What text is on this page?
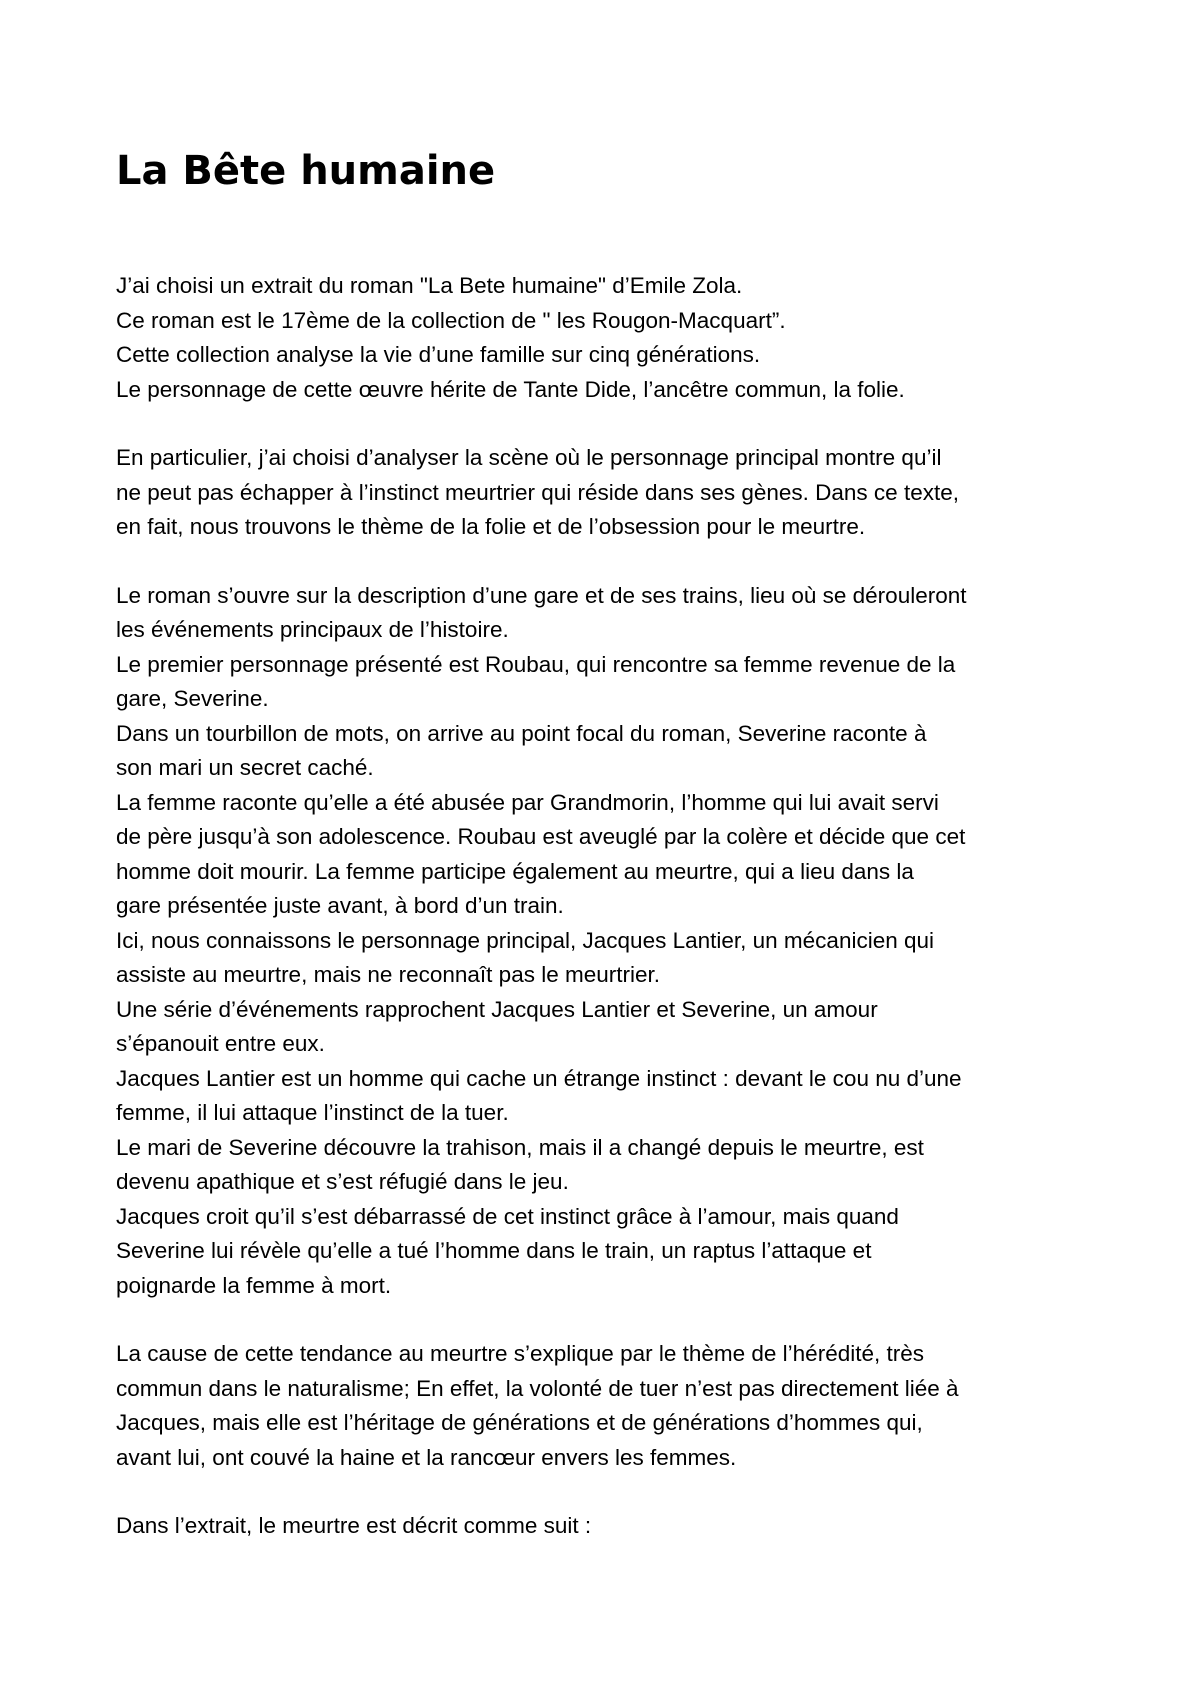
La Bête humaine
J’ai choisi un extrait du roman "La Bete humaine" d’Emile Zola.
Ce roman est le 17ème de la collection de " les Rougon-Macquart”.
Cette collection analyse la vie d’une famille sur cinq générations.
Le personnage de cette œuvre hérite de Tante Dide, l’ancêtre commun, la folie.
En particulier, j’ai choisi d’analyser la scène où le personnage principal montre qu’il
ne peut pas échapper à l’instinct meurtrier qui réside dans ses gènes. Dans ce texte,
en fait, nous trouvons le thème de la folie et de l’obsession pour le meurtre.
Le roman s’ouvre sur la description d’une gare et de ses trains, lieu où se dérouleront
les événements principaux de l’histoire.
Le premier personnage présenté est Roubau, qui rencontre sa femme revenue de la
gare, Severine.
Dans un tourbillon de mots, on arrive au point focal du roman, Severine raconte à
son mari un secret caché.
La femme raconte qu’elle a été abusée par Grandmorin, l’homme qui lui avait servi
de père jusqu’à son adolescence. Roubau est aveuglé par la colère et décide que cet
homme doit mourir. La femme participe également au meurtre, qui a lieu dans la
gare présentée juste avant, à bord d’un train.
Ici, nous connaissons le personnage principal, Jacques Lantier, un mécanicien qui
assiste au meurtre, mais ne reconnaît pas le meurtrier.
Une série d’événements rapprochent Jacques Lantier et Severine, un amour
s’épanouit entre eux.
Jacques Lantier est un homme qui cache un étrange instinct : devant le cou nu d’une
femme, il lui attaque l’instinct de la tuer.
Le mari de Severine découvre la trahison, mais il a changé depuis le meurtre, est
devenu apathique et s’est réfugié dans le jeu.
Jacques croit qu’il s’est débarrassé de cet instinct grâce à l’amour, mais quand
Severine lui révèle qu’elle a tué l’homme dans le train, un raptus l’attaque et
poignarde la femme à mort.
La cause de cette tendance au meurtre s’explique par le thème de l’hérédité, très
commun dans le naturalisme; En effet, la volonté de tuer n’est pas directement liée à
Jacques, mais elle est l’héritage de générations et de générations d’hommes qui,
avant lui, ont couvé la haine et la rancœur envers les femmes.
Dans l’extrait, le meurtre est décrit comme suit :
